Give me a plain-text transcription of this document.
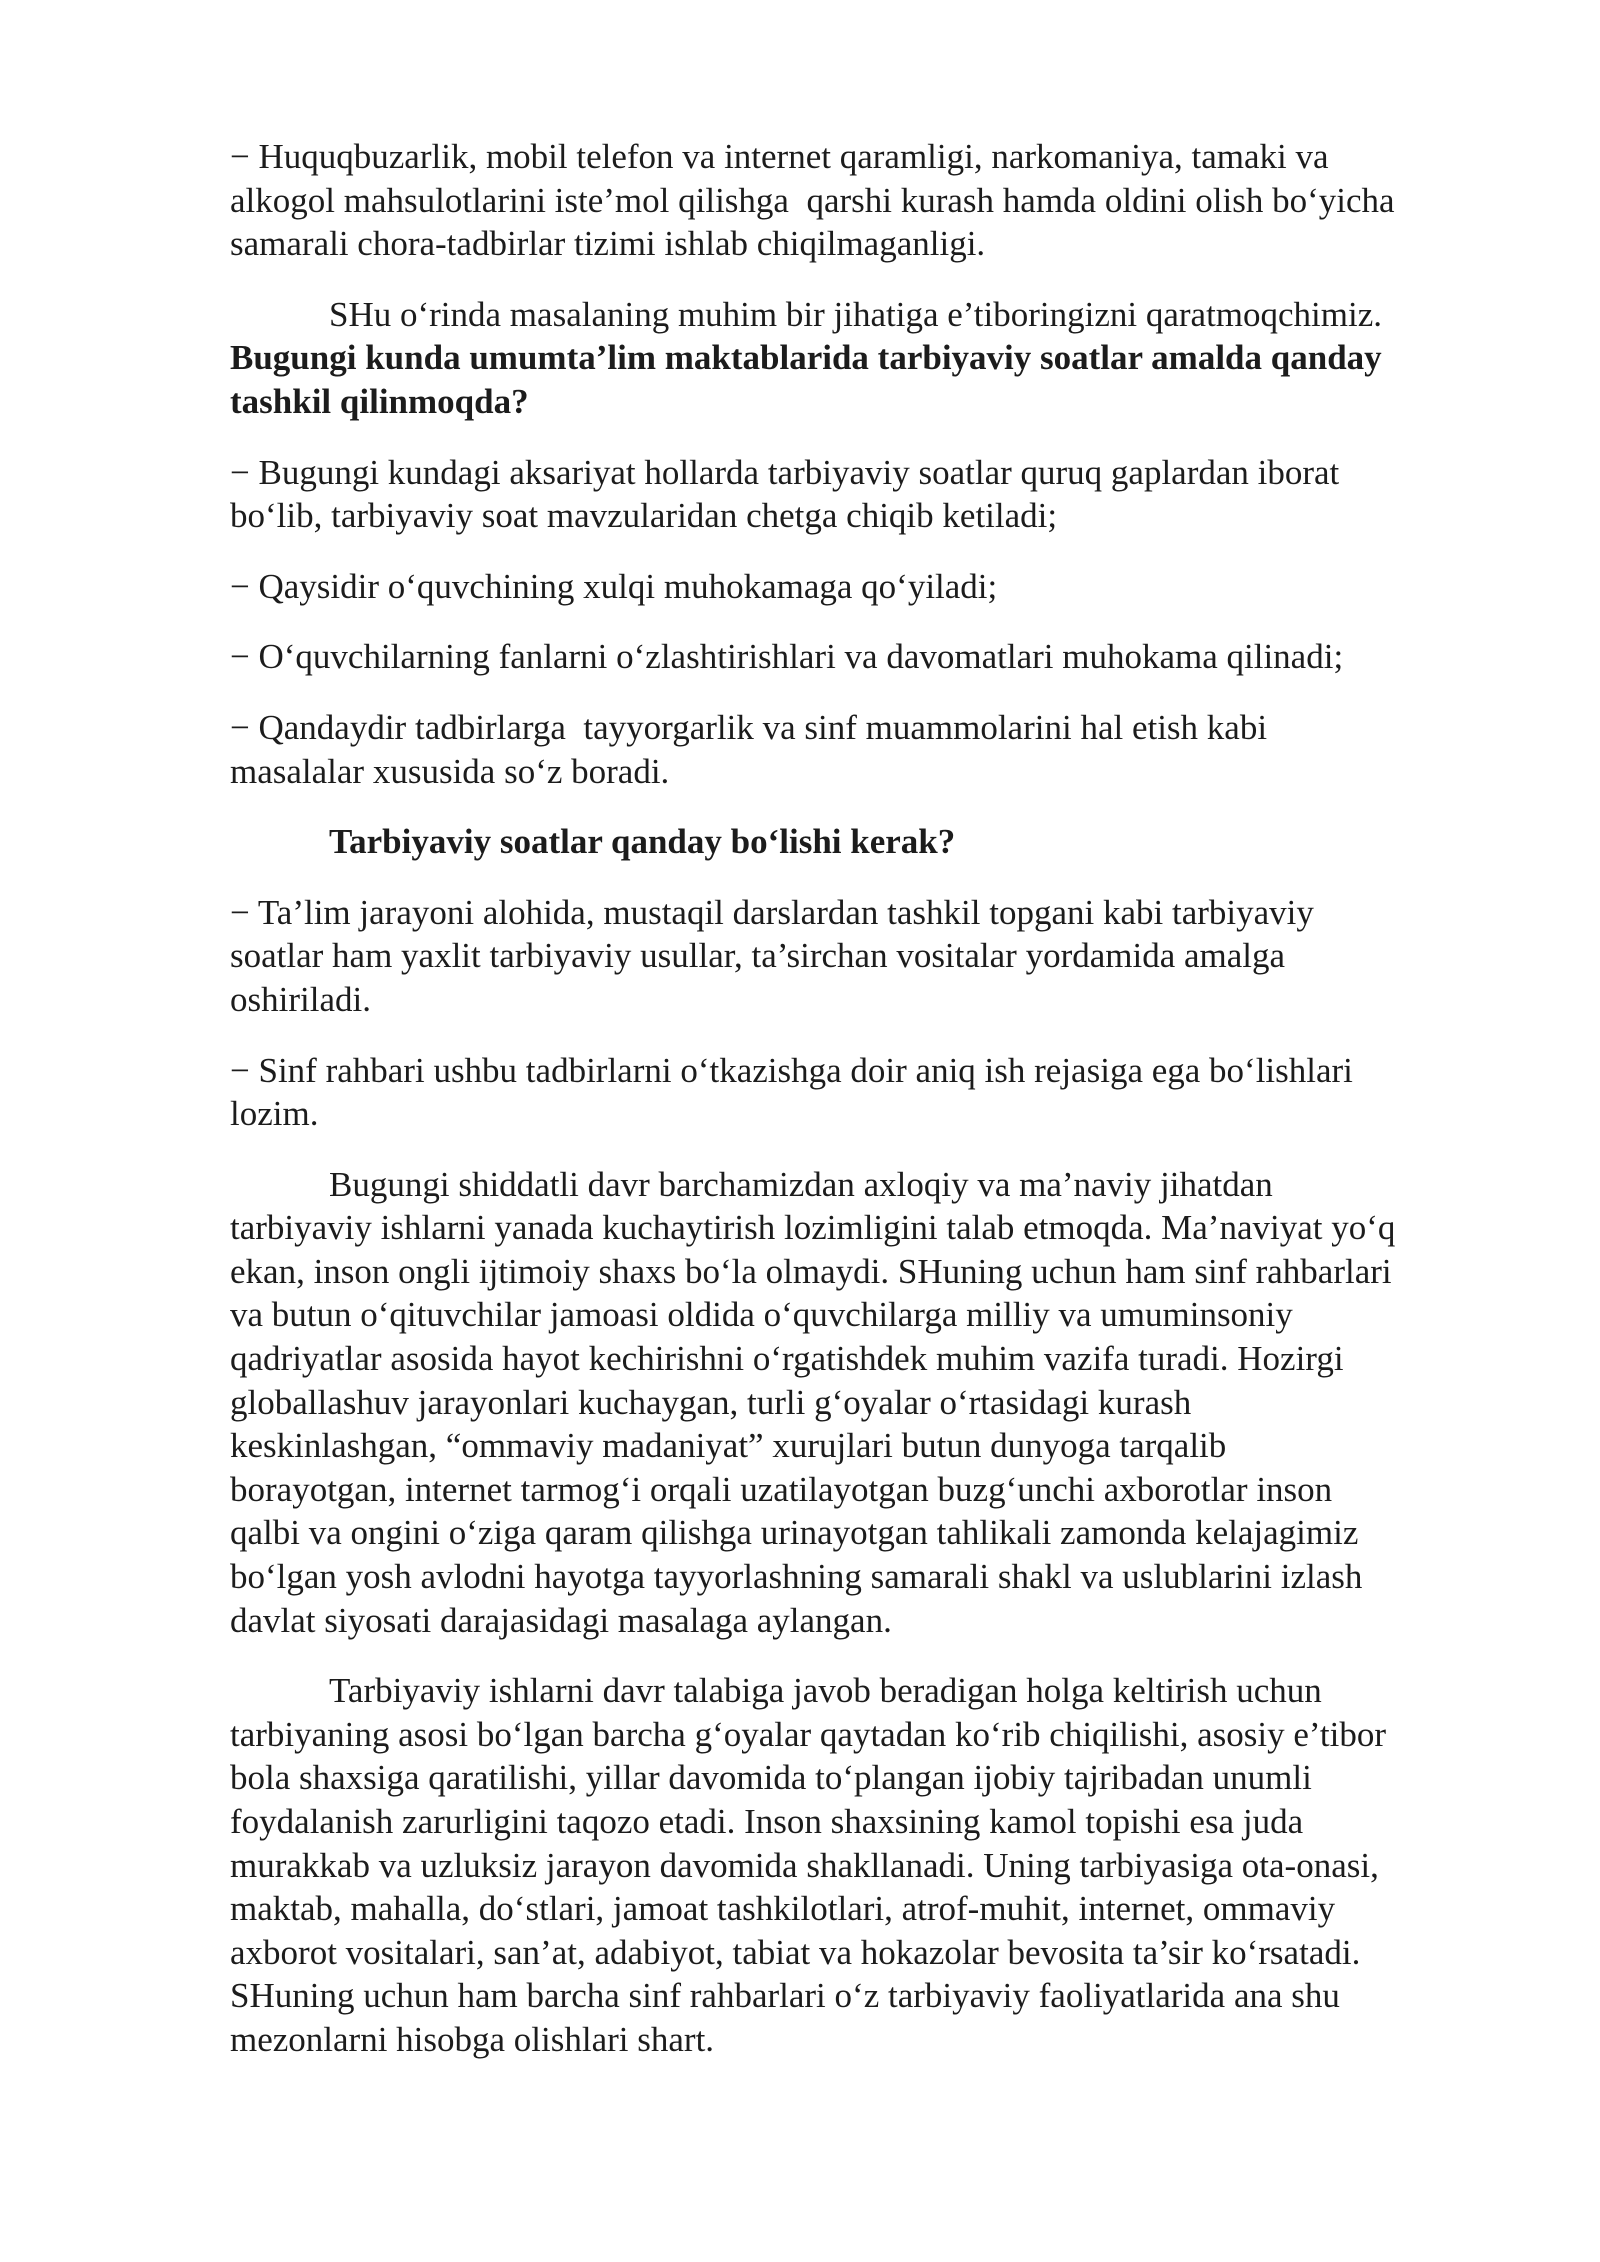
− Huquqbuzarlik, mobil telefon va internet qaramligi, narkomaniya, tamaki va
alkogol mahsulotlarini iste’mol qilishga  qarshi kurash hamda oldini olish bo‘yicha
samarali chora-tadbirlar tizimi ishlab chiqilmaganligi.
SHu o‘rinda masalaning muhim bir jihatiga e’tiboringizni qaratmoqchimiz.
Bugungi kunda umumta’lim maktablarida tarbiyaviy soatlar amalda qanday
tashkil qilinmoqda?
− Bugungi kundagi aksariyat hollarda tarbiyaviy soatlar quruq gaplardan iborat
bo‘lib, tarbiyaviy soat mavzularidan chetga chiqib ketiladi;
− Qaysidir o‘quvchining xulqi muhokamaga qo‘yiladi;
− O‘quvchilarning fanlarni o‘zlashtirishlari va davomatlari muhokama qilinadi;
− Qandaydir tadbirlarga  tayyorgarlik va sinf muammolarini hal etish kabi
masalalar xususida so‘z boradi.
Tarbiyaviy soatlar qanday bo‘lishi kerak?
− Ta’lim jarayoni alohida, mustaqil darslardan tashkil topgani kabi tarbiyaviy
soatlar ham yaxlit tarbiyaviy usullar, ta’sirchan vositalar yordamida amalga
oshiriladi.
− Sinf rahbari ushbu tadbirlarni o‘tkazishga doir aniq ish rejasiga ega bo‘lishlari
lozim.
Bugungi shiddatli davr barchamizdan axloqiy va ma’naviy jihatdan
tarbiyaviy ishlarni yanada kuchaytirish lozimligini talab etmoqda. Ma’naviyat yo‘q
ekan, inson ongli ijtimoiy shaxs bo‘la olmaydi. SHuning uchun ham sinf rahbarlari
va butun o‘qituvchilar jamoasi oldida o‘quvchilarga milliy va umuminsoniy
qadriyatlar asosida hayot kechirishni o‘rgatishdek muhim vazifa turadi. Hozirgi
globallashuv jarayonlari kuchaygan, turli g‘oyalar o‘rtasidagi kurash
keskinlashgan, “ommaviy madaniyat” xurujlari butun dunyoga tarqalib
borayotgan, internet tarmog‘i orqali uzatilayotgan buzg‘unchi axborotlar inson
qalbi va ongini o‘ziga qaram qilishga urinayotgan tahlikali zamonda kelajagimiz
bo‘lgan yosh avlodni hayotga tayyorlashning samarali shakl va uslublarini izlash
davlat siyosati darajasidagi masalaga aylangan.
Tarbiyaviy ishlarni davr talabiga javob beradigan holga keltirish uchun
tarbiyaning asosi bo‘lgan barcha g‘oyalar qaytadan ko‘rib chiqilishi, asosiy e’tibor
bola shaxsiga qaratilishi, yillar davomida to‘plangan ijobiy tajribadan unumli
foydalanish zarurligini taqozo etadi. Inson shaxsining kamol topishi esa juda
murakkab va uzluksiz jarayon davomida shakllanadi. Uning tarbiyasiga ota-onasi,
maktab, mahalla, do‘stlari, jamoat tashkilotlari, atrof-muhit, internet, ommaviy
axborot vositalari, san’at, adabiyot, tabiat va hokazolar bevosita ta’sir ko‘rsatadi.
SHuning uchun ham barcha sinf rahbarlari o‘z tarbiyaviy faoliyatlarida ana shu
mezonlarni hisobga olishlari shart.
